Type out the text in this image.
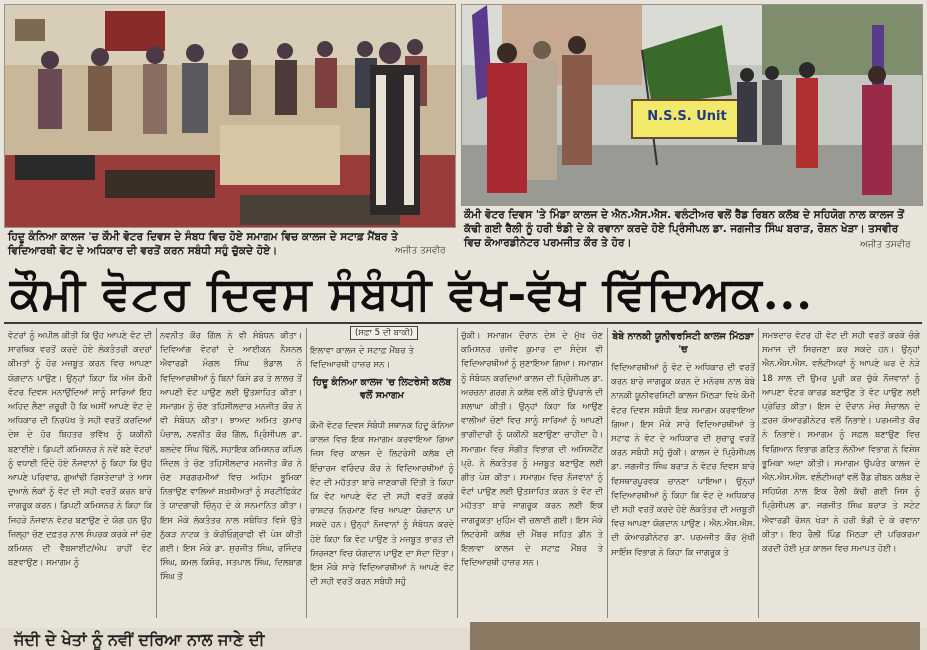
ਹਿਦੂ ਕੰਨਿਆ ਕਾਲਜ 'ਚ ਕੌਮੀ ਵੋਟਰ ਦਿਵਸ ਦੇ ਸੰਬਧ ਵਿਚ ਹੋਏ ਸਮਾਗਮ ਵਿਚ ਕਾਲਜ ਦੇ ਸਟਾਫ਼ ਮੈਂਬਰ ਤੇ ਵਿਦਿਆਰਥੀ ਵੋਟ ਦੇ ਅਧਿਕਾਰ ਦੀ ਵਰਤੋਂ ਕਰਨ ਸਬੰਧੀ ਸਹੁੰ ਚੁੱਕਦੇ ਹੋਏ।	ਅਜੀਤ ਤਸਵੀਰ
N.S.S. Unit
ਕੌਮੀ ਵੋਟਰ ਦਿਵਸ 'ਤੇ ਮਿੰਡਾ ਕਾਲਜ ਦੇ ਐਨ.ਐਸ.ਐਸ. ਵਲੰਟੀਅਰ ਵਲੋਂ ਰੈੱਡ ਰਿਬਨ ਕਲੱਬ ਦੇ ਸਹਿਯੋਗ ਨਾਲ ਕਾਲਜ ਤੋਂ ਕੱਢੀ ਗਈ ਰੈਲੀ ਨੂੰ ਹਰੀ ਝੰਡੀ ਦੇ ਕੇ ਰਵਾਨਾ ਕਰਦੇ ਹੋਏ ਪ੍ਰਿੰਸੀਪਲ ਡਾ. ਜਗਜੀਤ ਸਿੰਘ ਬਰਾੜ, ਰੋਸ਼ਨ ਖੇੜਾ। ਤਸਵੀਰ ਵਿਚ ਕੋਆਰਡੀਨੇਟਰ ਪਰਮਜੀਤ ਕੌਰ ਤੇ ਹੋਰ।	ਅਜੀਤ ਤਸਵੀਰ
ਕੌਮੀ ਵੋਟਰ ਦਿਵਸ ਸੰਬੰਧੀ ਵੱਖ-ਵੱਖ ਵਿੱਦਿਅਕ...

ਵੋਟਰਾਂ ਨੂੰ ਅਪੀਲ ਕੀਤੀ ਕਿ ਉਹ ਆਪਣੇ ਵੋਟ ਦੀ ਸਾਰਥਿਕ ਵਰਤੋਂ ਕਰਦੇ ਹੋਏ ਲੋਕਤੰਤਰੀ ਕਦਰਾਂ ਕੀਮਤਾਂ ਨੂੰ ਹੋਰ ਮਜ਼ਬੂਤ ਕਰਨ ਵਿਚ ਆਪਣਾ ਯੋਗਦਾਨ ਪਾਉਣ। ਉਨ੍ਹਾਂ ਕਿਹਾ ਕਿ ਅੱਜ ਕੌਮੀ ਵੋਟਰ ਦਿਵਸ ਮਨਾਉਂਦਿਆਂ ਸਾਨੂੰ ਸਾਰਿਆਂ ਇਹ ਅਹਿਦ ਲੈਣਾ ਜ਼ਰੂਰੀ ਹੈ ਕਿ ਅਸੀਂ ਆਪਣੇ ਵੋਟ ਦੇ ਅਧਿਕਾਰ ਦੀ ਨਿਰਪੱਖ ਤੇ ਸਹੀ ਵਰਤੋਂ ਕਰਦਿਆਂ ਦੇਸ਼ ਦੇ ਹੋਰ ਬਿਹਤਰ ਭਵਿੱਖ ਨੂੰ ਯਕੀਨੀ ਬਣਾਈਏ। ਡਿਪਟੀ ਕਮਿਸ਼ਨਰ ਨੇ ਨਵੇਂ ਬਣੇ ਵੋਟਰਾਂ ਨੂੰ ਵਧਾਈ ਦਿੰਦੇ ਹੋਏ ਨੌਜਵਾਨਾਂ ਨੂੰ ਕਿਹਾ ਕਿ ਉਹ ਆਪਣੇ ਪਰਿਵਾਰ, ਗੁਆਂਢੀ ਰਿਸ਼ਤੇਦਾਰਾਂ ਤੇ ਆਸ ਦੁਆਲੇ ਲੋਕਾਂ ਨੂੰ ਵੋਟ ਦੀ ਸਹੀ ਵਰਤੋਂ ਕਰਨ ਬਾਰੇ ਜਾਗਰੂਕ ਕਰਨ। ਡਿਪਟੀ ਕਮਿਸ਼ਨਰ ਨੇ ਕਿਹਾ ਕਿ ਜਿਹੜੇ ਨੌਜਵਾਨ ਵੋਟਰ ਬਣਾਉਣ ਦੇ ਯੋਗ ਹਨ ਉਹ ਜ਼ਿਲ੍ਹਾ ਚੋਣ ਦਫ਼ਤਰ ਨਾਲ ਸੰਪਰਕ ਕਰਕੇ ਜਾਂ ਚੋਣ ਕਮਿਸ਼ਨ ਦੀ ਵੈੱਬਸਾਈਟ/ਐਪ ਰਾਹੀਂ ਵੋਟ ਬਣਵਾਉਣ। ਸਮਾਗਮ ਨੂੰ

ਨਵਨੀਤ ਕੌਰ ਗਿੱਲ ਨੇ ਵੀ ਸੰਬੋਧਨ ਕੀਤਾ। ਦਿਵਿਆਂਗ ਵੋਟਰਾਂ ਦੇ ਆਈਕਨ ਨੈਸ਼ਨਲ ਐਵਾਰਡੀ ਮੰਗਲ ਸਿੰਘ ਭੰਡਾਲ ਨੇ ਵਿਦਿਆਰਥੀਆਂ ਨੂੰ ਬਿਨਾਂ ਕਿਸੇ ਡਰ ਤੇ ਲਾਲਚ ਤੋਂ ਆਪਣੀ ਵੋਟ ਪਾਉਣ ਲਈ ਉਤਸ਼ਾਹਿਤ ਕੀਤਾ। ਸਮਾਗਮ ਨੂੰ ਚੋਣ ਤਹਿਸੀਲਦਾਰ ਮਨਜੀਤ ਕੌਰ ਨੇ ਵੀ ਸੰਬੋਧਨ ਕੀਤਾ। ਝਾਅਦ ਅਮਿਤ ਕੁਮਾਰ ਪੰਚਾਲ, ਨਵਨੀਤ ਕੌਰ ਗਿੱਲ, ਪ੍ਰਿੰਸੀਪਲ ਡਾ. ਬਲਦੇਵ ਸਿੰਘ ਢਿੱਲੋਂ, ਸਹਾਇਕ ਕਮਿਸ਼ਨਰ ਕਪਿਲ ਜਿੰਦਲ ਤੇ ਚੋਣ ਤਹਿਸੀਲਦਾਰ ਮਨਜੀਤ ਕੌਰ ਨੇ ਚੋਣ ਸਰਗਰਮੀਆਂ ਵਿਚ ਅਹਿਮ ਭੂਮਿਕਾ ਨਿਭਾਉਣ ਵਾਲਿਆਂ ਸ਼ਖ਼ਸੀਅਤਾਂ ਨੂੰ ਸਰਟੀਫਿਕੇਟ ਤੇ ਯਾਦਗਾਰੀ ਚਿੰਨ੍ਹ ਦੇ ਕੇ ਸਨਮਾਨਿਤ ਕੀਤਾ। ਇਸ ਮੌਕੇ ਲੋਕਤੰਤਰ ਨਾਲ ਸਬੰਧਿਤ ਵਿਸ਼ੇ ਉਤੇ ਨੁੱਕੜ ਨਾਟਕ ਤੇ ਕੋਰੀਓਗ੍ਰਾਫੀ ਵੀ ਪੇਸ਼ ਕੀਤੀ ਗਈ। ਇਸ ਮੌਕੇ ਡਾ. ਸੁਰਜੀਤ ਸਿੰਘ, ਰਜਿੰਦਰ ਸਿੰਘ, ਕਮਲ ਕਿਸ਼ੋਰ, ਸਤਪਾਲ ਸਿੰਘ, ਦਿਲਬਾਗ ਸਿੰਘ ਤੋਂ

(ਸਫ਼ਾ 5 ਦੀ ਬਾਕੀ)
ਇਲਾਵਾ ਕਾਲਜ ਦੇ ਸਟਾਫ਼ ਮੈਂਬਰ ਤੇ ਵਿਦਿਆਰਥੀ ਹਾਜ਼ਰ ਸਨ।
ਹਿਦੂ ਕੰਨਿਆ ਕਾਲਜ 'ਚ ਲਿਟਰੇਸੀ ਕਲੱਬ ਵਲੋਂ ਸਮਾਗਮ

ਕੌਮੀ ਵੋਟਰ ਦਿਵਸ ਸੰਬੰਧੀ ਸਥਾਨਕ ਹਿਦੂ ਕੰਨਿਆ ਕਾਲਜ ਵਿਚ ਇਕ ਸਮਾਗਮ ਕਰਵਾਇਆ ਗਿਆ ਜਿਸ ਵਿਚ ਕਾਲਜ ਦੇ ਲਿਟਰੇਸੀ ਕਲੱਬ ਦੀ ਇੰਚਾਰਜ ਵਰਿੰਦਰ ਕੌਰ ਨੇ ਵਿਦਿਆਰਥੀਆਂ ਨੂੰ ਵੋਟ ਦੀ ਮਹੱਤਤਾ ਬਾਰੇ ਜਾਣਕਾਰੀ ਦਿੱਤੀ ਤੇ ਕਿਹਾ ਕਿ ਵੋਟ ਆਪਣੇ ਵੋਟ ਦੀ ਸਹੀ ਵਰਤੋਂ ਕਰਕੇ ਰਾਸ਼ਟਰ ਨਿਰਮਾਣ ਵਿਚ ਆਪਣਾ ਯੋਗਦਾਨ ਪਾ ਸਕਦੇ ਹਨ। ਉਨ੍ਹਾਂ ਨੌਜਵਾਨਾਂ ਨੂੰ ਸੰਬੋਧਨ ਕਰਦੇ ਹੋਏ ਕਿਹਾ ਕਿ ਵੋਟ ਪਾਉਣ ਤੇ ਮਜ਼ਬੂਤ ਭਾਰਤ ਦੀ ਸਿਰਜਣਾ ਵਿਚ ਯੋਗਦਾਨ ਪਾਉਣ ਦਾ ਸੱਦਾ ਦਿੱਤਾ। ਇਸ ਮੌਕੇ ਸਾਰੇ ਵਿਦਿਆਰਥੀਆਂ ਨੇ ਆਪਣੇ ਵੋਟ ਦੀ ਸਹੀ ਵਰਤੋਂ ਕਰਨ ਸਬੰਧੀ ਸਹੁੰ

ਚੁੱਕੀ। ਸਮਾਗਮ ਦੌਰਾਨ ਦੇਸ਼ ਦੇ ਮੁੱਖ ਚੋਣ ਕਮਿਸ਼ਨਰ ਰਜੀਵ ਕੁਮਾਰ ਦਾ ਸੰਦੇਸ਼ ਵੀ ਵਿਦਿਆਰਥੀਆਂ ਨੂੰ ਸੁਣਾਇਆ ਗਿਆ। ਸਮਾਗਮ ਨੂੰ ਸੰਬੋਧਨ ਕਰਦਿਆਂ ਕਾਲਜ ਦੀ ਪ੍ਰਿੰਸੀਪਲ ਡਾ. ਅਰਚਨਾ ਗਰਗ ਨੇ ਕਲੱਬ ਵਲੋਂ ਕੀਤੇ ਉਪਰਾਲੇ ਦੀ ਸ਼ਲਾਘਾ ਕੀਤੀ। ਉਨ੍ਹਾਂ ਕਿਹਾ ਕਿ ਆਉਣ ਵਾਲੀਆਂ ਚੋਣਾਂ ਵਿਚ ਸਾਨੂੰ ਸਾਰਿਆਂ ਨੂੰ ਆਪਣੀ ਭਾਗੀਦਾਰੀ ਨੂੰ ਯਕੀਨੀ ਬਣਾਉਣਾ ਚਾਹੀਦਾ ਹੈ। ਸਮਾਗਮ ਵਿਚ ਸੰਗੀਤ ਵਿਭਾਗ ਦੀ ਅਸਿਸਟੈਂਟ ਪ੍ਰੋ. ਨੇ ਲੋਕਤੰਤਰ ਨੂੰ ਮਜ਼ਬੂਤ ਬਣਾਉਣ ਲਈ ਗੀਤ ਪੇਸ਼ ਕੀਤਾ। ਸਮਾਗਮ ਵਿਚ ਨੌਜਵਾਨਾਂ ਨੂੰ ਵੋਟਾਂ ਪਾਉਣ ਲਈ ਉਤਸ਼ਾਹਿਤ ਕਰਨ ਤੇ ਵੋਟ ਦੀ ਮਹੱਤਤਾ ਬਾਰੇ ਜਾਗਰੂਕ ਕਰਨ ਲਈ ਇਕ ਜਾਗਰੂਕਤਾ ਮੁਹਿੰਮ ਵੀ ਚਲਾਈ ਗਈ। ਇਸ ਮੌਕੇ ਲਿਟਰੇਸੀ ਕਲੱਬ ਦੀ ਮੈਂਬਰ ਸਹਿਤ ਡੀਨ ਤੇ ਇਲਾਵਾ ਕਾਲਜ ਦੇ ਸਟਾਫ਼ ਮੈਂਬਰ ਤੇ ਵਿਦਿਆਰਥੀ ਹਾਜ਼ਰ ਸਨ।

ਬੇਬੇ ਨਾਨਕੀ ਯੂਨੀਵਰਸਿਟੀ ਕਾਲਜ ਮਿੱਠੜਾ 'ਚ

ਵਿਦਿਆਰਥੀਆਂ ਨੂੰ ਵੋਟ ਦੇ ਅਧਿਕਾਰ ਦੀ ਵਰਤੋਂ ਕਰਨ ਬਾਰੇ ਜਾਗਰੂਕ ਕਰਨ ਦੇ ਮਨੋਰਥ ਨਾਲ ਬੇਬੇ ਨਾਨਕੀ ਯੂਨੀਵਰਸਿਟੀ ਕਾਲਜ ਮਿੱਠੜਾ ਵਿਖੇ ਕੌਮੀ ਵੋਟਰ ਦਿਵਸ ਸਬੰਧੀ ਇਕ ਸਮਾਗਮ ਕਰਵਾਇਆ ਗਿਆ। ਇਸ ਮੌਕੇ ਸਾਰੇ ਵਿਦਿਆਰਥੀਆਂ ਤੇ ਸਟਾਫ ਨੇ ਵੋਟ ਦੇ ਅਧਿਕਾਰ ਦੀ ਸੁਚਾਰੂ ਵਰਤੋਂ ਕਰਨ ਸਬੰਧੀ ਸਹੁੰ ਚੁੱਕੀ। ਕਾਲਜ ਦੇ ਪ੍ਰਿੰਸੀਪਲ ਡਾ. ਜਗਜੀਤ ਸਿੰਘ ਬਰਾੜ ਨੇ ਵੋਟਰ ਦਿਵਸ ਬਾਰੇ ਵਿਸਥਾਰਪੂਰਵਕ ਚਾਨਣਾ ਪਾਇਆ। ਉਨ੍ਹਾਂ ਵਿਦਿਆਰਥੀਆਂ ਨੂੰ ਕਿਹਾ ਕਿ ਵੋਟ ਦੇ ਅਧਿਕਾਰ ਦੀ ਸਹੀ ਵਰਤੋਂ ਕਰਦੇ ਹੋਏ ਲੋਕਤੰਤਰ ਦੀ ਮਜ਼ਬੂਤੀ ਵਿਚ ਆਪਣਾ ਯੋਗਦਾਨ ਪਾਉਣ। ਐਨ.ਐਸ.ਐਸ. ਦੀ ਕੋਆਰਡੀਨੇਟਰ ਡਾ. ਪਰਮਜੀਤ ਕੌਰ ਮੁੱਖੀ ਸਾਇੰਸ ਵਿਭਾਗ ਨੇ ਕਿਹਾ ਕਿ ਜਾਗਰੂਕ ਤੇ

ਸਮਝਦਾਰ ਵੋਟਰ ਹੀ ਵੋਟ ਦੀ ਸਹੀ ਵਰਤੋਂ ਕਰਕੇ ਚੰਗੇ ਸਮਾਜ ਦੀ ਸਿਰਜਣਾ ਕਰ ਸਕਦੇ ਹਨ। ਉਨ੍ਹਾਂ ਐਨ.ਐਸ.ਐਸ. ਵਲੰਟੀਅਰਾਂ ਨੂੰ ਆਪਣੇ ਘਰ ਦੇ ਨੇੜੇ 18 ਸਾਲ ਦੀ ਉਮਰ ਪੂਰੀ ਕਰ ਚੁੱਕੇ ਨੌਜਵਾਨਾਂ ਨੂੰ ਆਪਣਾ ਵੋਟਰ ਕਾਰਡ ਬਣਾਉਣ ਤੇ ਵੋਟ ਪਾਉਣ ਲਈ ਪ੍ਰੇਰਿਤ ਕੀਤਾ। ਇਸ ਦੇ ਦੌਰਾਨ ਮੰਚ ਸੰਚਾਲਨ ਦੇ ਫ਼ਰਜ਼ ਕੋਆਰਡੀਨੇਟਰ ਵਲੋਂ ਨਿਭਾਏ। ਪਰਮਜੀਤ ਕੌਰ ਨੇ ਨਿਭਾਏ। ਸਮਾਗਮ ਨੂੰ ਸਫ਼ਲ ਬਣਾਉਣ ਵਿਚ ਵਿਗਿਆਨ ਵਿਭਾਗ ਗਣਿਤ ਲੋਨੀਆ ਵਿਭਾਗ ਨੇ ਵਿਸ਼ੇਸ਼ ਭੂਮਿਕਾ ਅਦਾ ਕੀਤੀ। ਸਮਾਗਮ ਉਪਰੰਤ ਕਾਲਜ ਦੇ ਐਨ.ਐਸ.ਐਸ. ਵਲੰਟੀਅਰਾਂ ਵਲੋਂ ਰੈੱਡ ਰੀਬਨ ਕਲੱਬ ਦੇ ਸਹਿਯੋਗ ਨਾਲ ਇਕ ਰੈਲੀ ਕੱਢੀ ਗਈ ਜਿਸ ਨੂੰ ਪ੍ਰਿੰਸੀਪਲ ਡਾ. ਜਗਜੀਤ ਸਿੰਘ ਬਰਾੜ ਤੇ ਸਟੇਟ ਐਵਾਰਡੀ ਰੋਸ਼ਨ ਖੇੜਾ ਨੇ ਹਰੀ ਝੰਡੀ ਦੇ ਕੇ ਰਵਾਨਾ ਕੀਤਾ। ਇਹ ਰੈਲੀ ਪਿੰਡ ਮਿੱਠੜਾ ਦੀ ਪਰਿਕਰਮਾ ਕਰਦੀ ਹੋਈ ਮੁੜ ਕਾਲਜ ਵਿਚ ਸਮਾਪਤ ਹੋਈ।

ਜੱਦੀ ਦੇ ਖੇਤਾਂ ਨੂੰ ਨਵੀਂ ਦਰਿਆ ਨਾਲ ਜਾਣੇ ਦੀ
